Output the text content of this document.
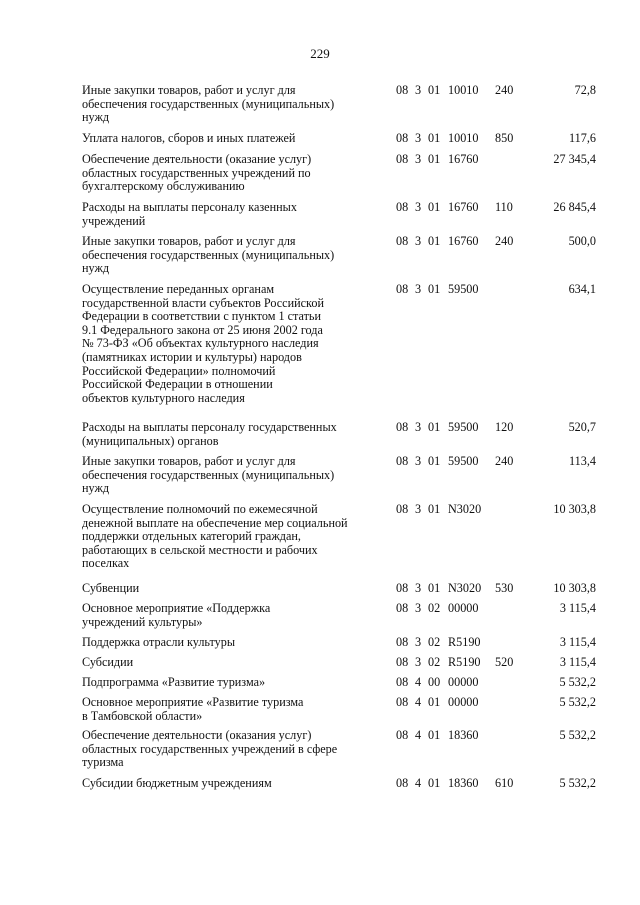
229
Иные закупки товаров, работ и услуг для
обеспечения государственных (муниципальных)
нужд
08 3 01 10010 240	72,8
Уплата налогов, сборов и иных платежей	08 3 01 10010 850	117,6
Обеспечение деятельности (оказание услуг)
областных государственных учреждений по
бухгалтерскому обслуживанию
08 3 01 16760	27 345,4
Расходы на выплаты персоналу казенных
учреждений
08 3 01 16760 110	26 845,4
Иные закупки товаров, работ и услуг для
обеспечения государственных (муниципальных)
нужд
08 3 01 16760 240	500,0
Осуществление переданных органам
государственной власти субъектов Российской
Федерации в соответствии с пунктом 1 статьи
9.1 Федерального закона от 25 июня 2002 года
№ 73-ФЗ «Об объектах культурного наследия
(памятниках истории и культуры) народов
Российской Федерации» полномочий
Российской Федерации в отношении
объектов культурного наследия
08 3 01 59500	634,1
Расходы на выплаты персоналу государственных
(муниципальных) органов
08 3 01 59500 120	520,7
Иные закупки товаров, работ и услуг для
обеспечения государственных (муниципальных)
нужд
08 3 01 59500 240	113,4
Осуществление полномочий по ежемесячной
денежной выплате на обеспечение мер социальной
поддержки отдельных категорий граждан,
работающих в сельской местности и рабочих
поселках
08 3 01 N3020	10 303,8
Субвенции	08 3 01 N3020 530	10 303,8
Основное мероприятие «Поддержка
учреждений культуры»
08 3 02 00000	3 115,4
Поддержка отрасли культуры	08 3 02 R5190	3 115,4
Субсидии	08 3 02 R5190 520	3 115,4
Подпрограмма «Развитие туризма»	08 4 00 00000	5 532,2
Основное мероприятие «Развитие туризма
в Тамбовской области»
08 4 01 00000	5 532,2
Обеспечение деятельности (оказания услуг)
областных государственных учреждений в сфере
туризма
08 4 01 18360	5 532,2
Субсидии бюджетным учреждениям	08 4 01 18360 610	5 532,2
